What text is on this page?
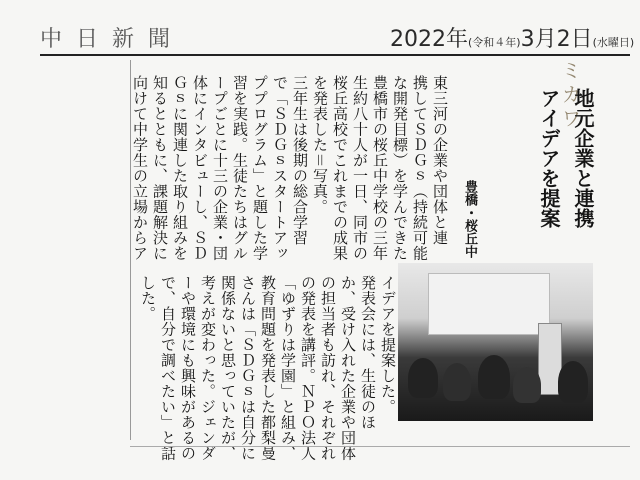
中日新聞	2022年(令和４年)3月2日(水曜日)
ミカワ
地元企業と連携
アイデアを提案
豊橋・桜丘中
東三河の企業や団体と連
携してＳＤＧｓ（持続可能
な開発目標）を学んできた
豊橋市の桜丘中学校の三年
生約八十人が一日、同市の
桜丘高校でこれまでの成果
を発表した＝写真。
三年生は後期の総合学習
で「ＳＤＧｓスタートアッ
ププログラム」と題した学
習を実践。生徒たちはグル
ープごとに十三の企業・団
体にインタビューし、ＳＤ
Ｇｓに関連した取り組みを
知るとともに、課題解決に
向けて中学生の立場からア
イデアを提案した。
発表会には、生徒のほ
か、受け入れた企業や団体
の担当者も訪れ、それぞれ
の発表を講評。ＮＰＯ法人
「ゆずりは学園」と組み、
教育問題を発表した都梨曼
さんは「ＳＤＧｓは自分に
関係ないと思っていたが、
考えが変わった。ジェンダ
ーや環境にも興味があるの
で、自分で調べたい」と話
した。
